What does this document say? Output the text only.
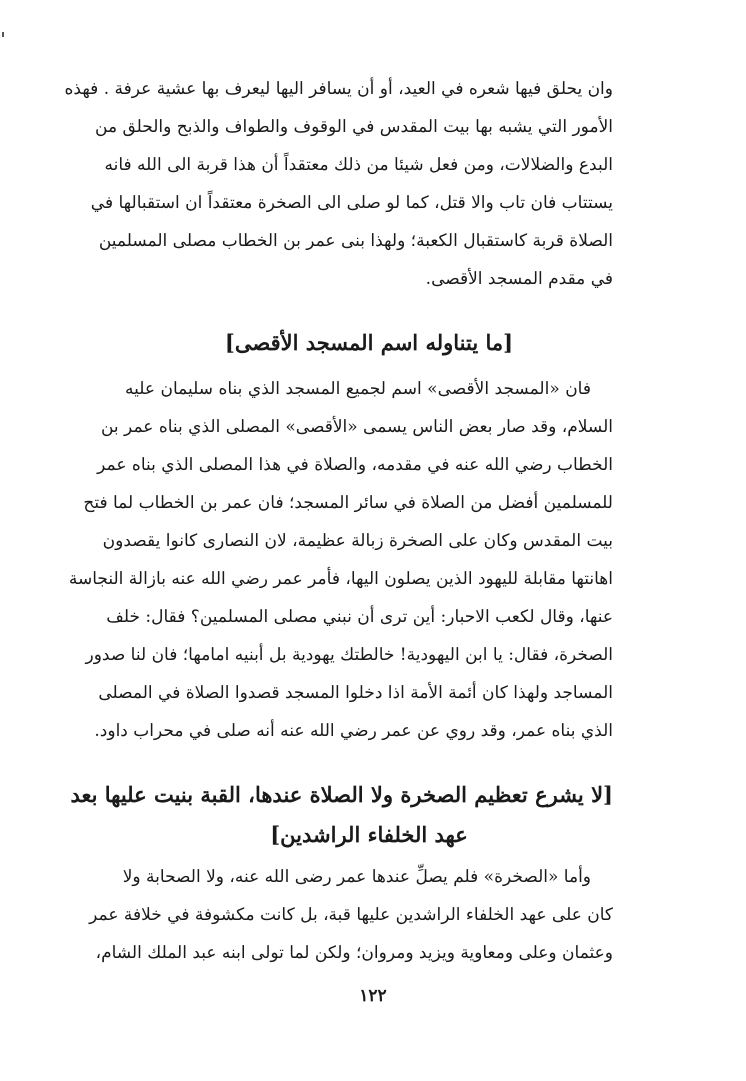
وان يحلق فيها شعره في العيد، أو أن يسافر اليها ليعرف بها عشية عرفة . فهذه
الأمور التي يشبه بها بيت المقدس في الوقوف والطواف والذبح والحلق من
البدع والضلالات، ومن فعل شيئا من ذلك معتقداً أن هذا قربة الى الله فانه
يستتاب فان تاب والا قتل، كما لو صلى الى الصخرة معتقداً ان استقبالها في
الصلاة قربة كاستقبال الكعبة؛ ولهذا بنى عمر بن الخطاب مصلى المسلمين
في مقدم المسجد الأقصى.
[ما يتناوله اسم المسجد الأقصى]
فان «المسجد الأقصى» اسم لجميع المسجد الذي بناه سليمان عليه
السلام، وقد صار بعض الناس يسمى «الأقصى» المصلى الذي بناه عمر بن
الخطاب رضي الله عنه في مقدمه، والصلاة في هذا المصلى الذي بناه عمر
للمسلمين أفضل من الصلاة في سائر المسجد؛ فان عمر بن الخطاب لما فتح
بيت المقدس وكان على الصخرة زبالة عظيمة، لان النصارى كانوا يقصدون
اهانتها مقابلة لليهود الذين يصلون اليها، فأمر عمر رضي الله عنه بازالة النجاسة
عنها، وقال لكعب الاحبار: أين ترى أن نبني مصلى المسلمين؟ فقال: خلف
الصخرة، فقال: يا ابن اليهودية! خالطتك يهودية بل أبنيه امامها؛ فان لنا صدور
المساجد ولهذا كان أئمة الأمة اذا دخلوا المسجد قصدوا الصلاة في المصلى
الذي بناه عمر، وقد روي عن عمر رضي الله عنه أنه صلى في محراب داود.
[لا يشرع تعظيم الصخرة ولا الصلاة عندها، القبة بنيت عليها بعد
عهد الخلفاء الراشدين]
وأما «الصخرة» فلم يصلِّ عندها عمر رضى الله عنه، ولا الصحابة ولا
كان على عهد الخلفاء الراشدين عليها قبة، بل كانت مكشوفة في خلافة عمر
وعثمان وعلى ومعاوية ويزيد ومروان؛ ولكن لما تولى ابنه عبد الملك الشام،
١٢٢
